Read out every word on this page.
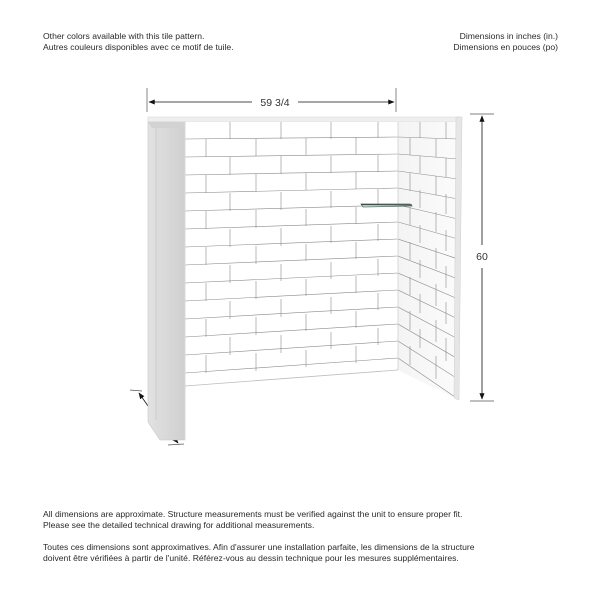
Other colors available with this tile pattern.
Autres couleurs disponibles avec ce motif de tuile.
Dimensions in inches (in.)
Dimensions en pouces (po)
59 3/4
60
All dimensions are approximate. Structure measurements must be verified against the unit to ensure proper fit.
Please see the detailed technical drawing for additional measurements.
Toutes ces dimensions sont approximatives. Afin d'assurer une installation parfaite, les dimensions de la structure
doivent être vérifiées à partir de l'unité. Référez-vous au dessin technique pour les mesures supplémentaires.
